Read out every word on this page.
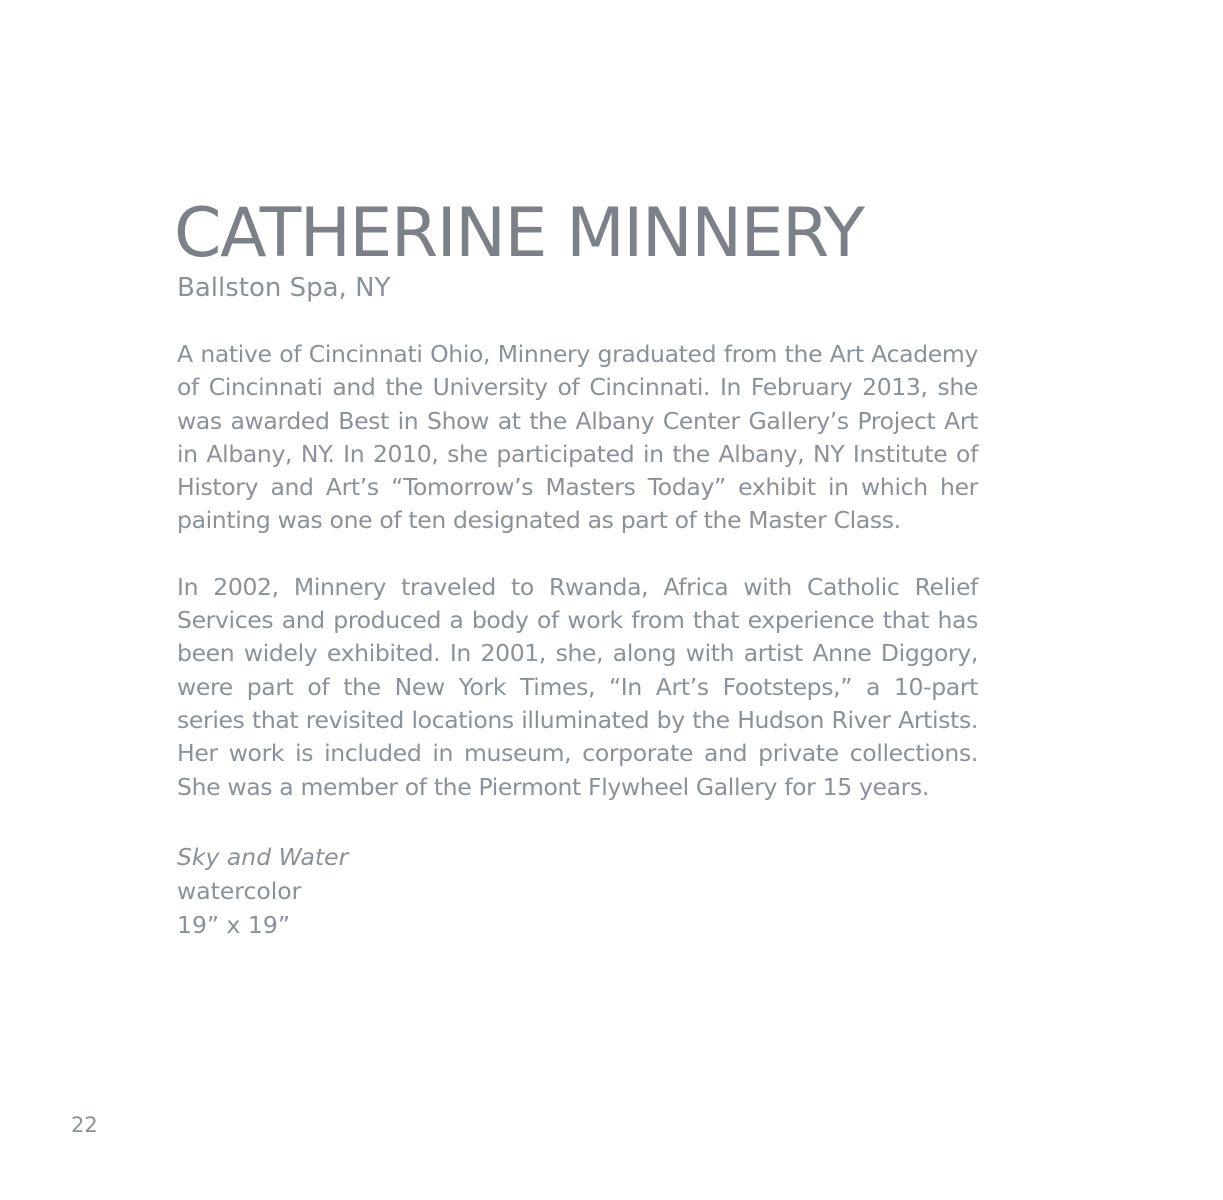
CATHERINE MINNERY
Ballston Spa, NY

A native of Cincinnati Ohio, Minnery graduated from the Art Academy of Cincinnati and the University of Cincinnati. In February 2013, she was awarded Best in Show at the Albany Center Gallery’s Project Art in Albany, NY. In 2010, she participated in the Albany, NY Institute of History and Art’s “Tomorrow’s Masters Today” exhibit in which her painting was one of ten designated as part of the Master Class.

In 2002, Minnery traveled to Rwanda, Africa with Catholic Relief Services and produced a body of work from that experience that has been widely exhibited. In 2001, she, along with artist Anne Diggory, were part of the New York Times, “In Art’s Footsteps,” a 10-part series that revisited locations illuminated by the Hudson River Artists. Her work is included in museum, corporate and private collections. She was a member of the Piermont Flywheel Gallery for 15 years.

Sky and Water
watercolor
19” x 19”
22
